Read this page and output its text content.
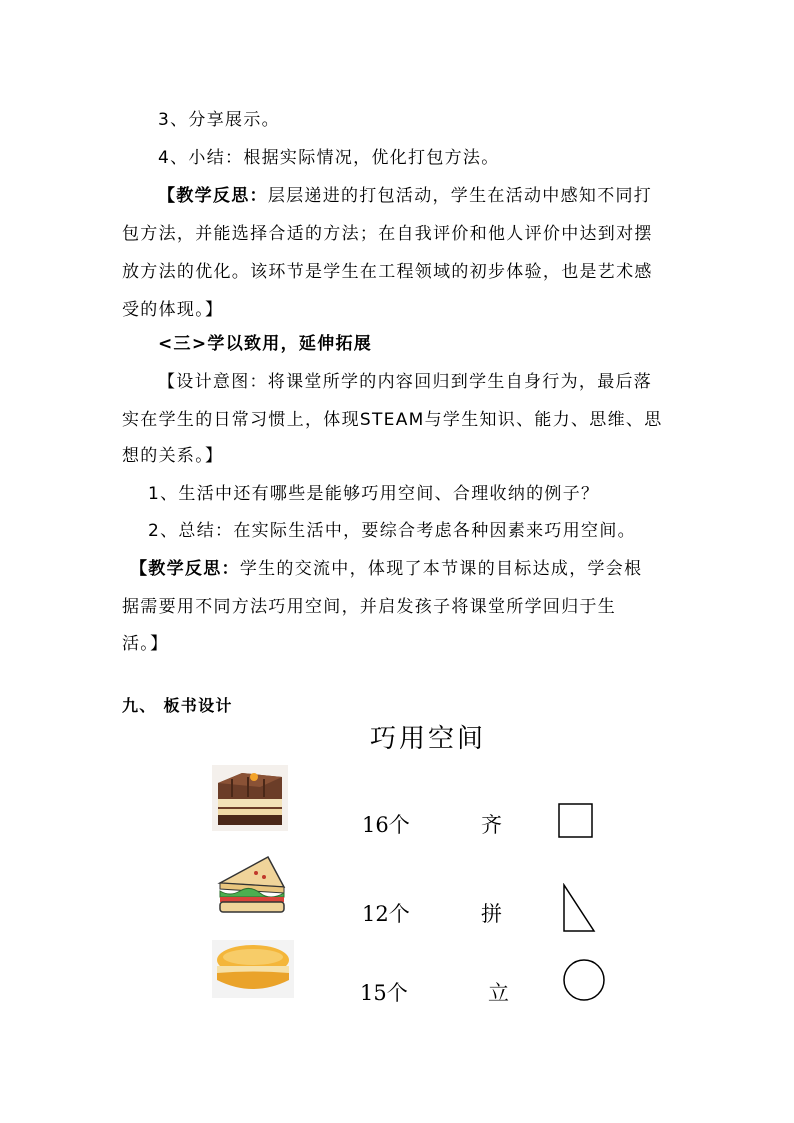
3、分享展示。
4、小结：根据实际情况，优化打包方法。
【教学反思：层层递进的打包活动，学生在活动中感知不同打
包方法，并能选择合适的方法；在自我评价和他人评价中达到对摆
放方法的优化。该环节是学生在工程领域的初步体验，也是艺术感
受的体现。】
<三>学以致用，延伸拓展
【设计意图：将课堂所学的内容回归到学生自身行为，最后落
实在学生的日常习惯上，体现STEAM与学生知识、能力、思维、思
想的关系。】
1、生活中还有哪些是能够巧用空间、合理收纳的例子？
2、总结：在实际生活中，要综合考虑各种因素来巧用空间。
【教学反思：学生的交流中，体现了本节课的目标达成，学会根
据需要用不同方法巧用空间，并启发孩子将课堂所学回归于生
活。】
九、 板书设计
巧用空间
16个	齐
12个	拼
15个	立
